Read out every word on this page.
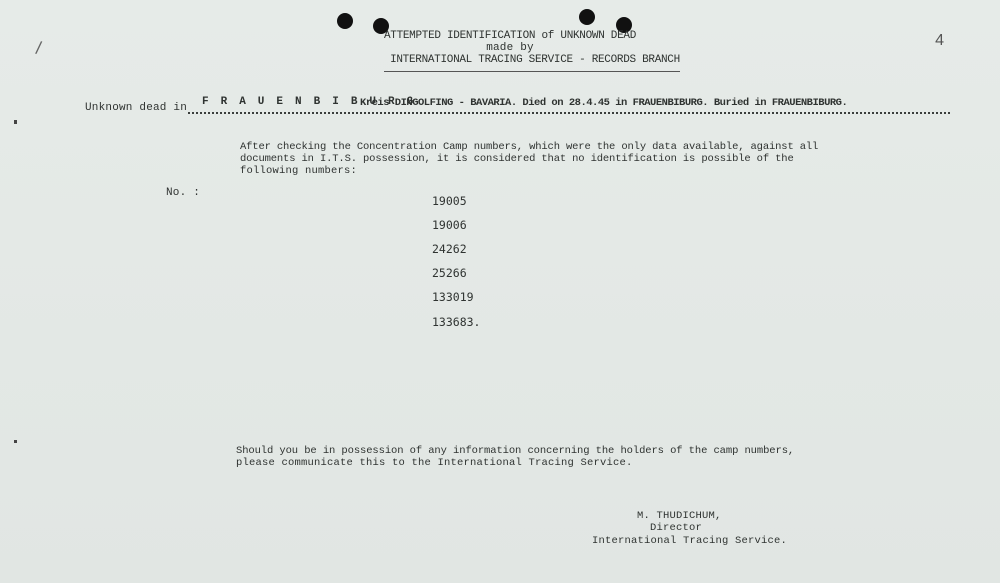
/	4
ATTEMPTED IDENTIFICATION of UNKNOWN DEAD
made by
INTERNATIONAL TRACING SERVICE - RECORDS BRANCH
Unknown dead in F R A U E N B I B U R G
Kreis DINGOLFING - BAVARIA. Died on 28.4.45 in FRAUENBIBURG. Buried in FRAUENBIBURG.
After checking the Concentration Camp numbers, which were the only data available, against all
documents in I.T.S. possession, it is considered that no identification is possible of the
following numbers:
No. :
19005
19006
24262
25266
133019
133683.
Should you be in possession of any information concerning the holders of the camp numbers,
please communicate this to the International Tracing Service.
M. THUDICHUM,
Director
International Tracing Service.
